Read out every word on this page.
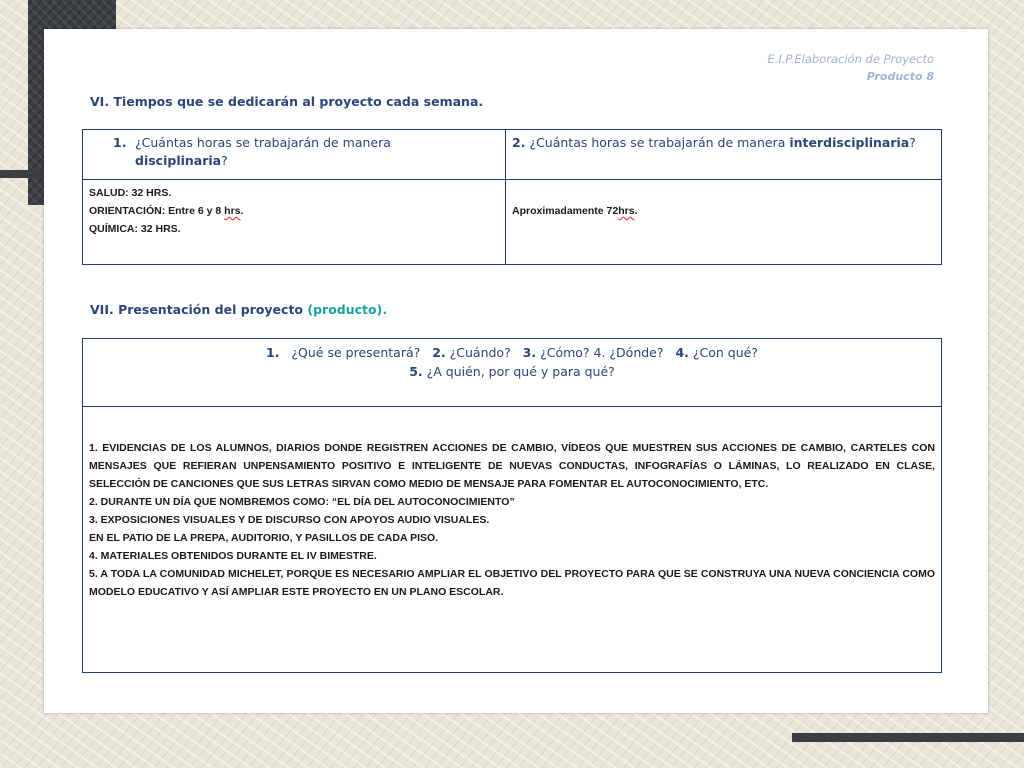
E.I.P.Elaboración de Proyecto
Producto 8
VI. Tiempos que se dedicarán al proyecto cada semana.
1. ¿Cuántas horas se trabajarán de manera
disciplinaria?	2. ¿Cuántas horas se trabajarán de manera interdisciplinaria?

SALUD: 32 HRS.
ORIENTACIÓN: Entre 6 y 8 hrs.
QUÍMICA: 32 HRS.	Aproximadamente 72hrs.
VII. Presentación del proyecto (producto).
1. ¿Qué se presentará? 2. ¿Cuándo? 3. ¿Cómo? 4. ¿Dónde? 4. ¿Con qué?
5. ¿A quién, por qué y para qué?

1. EVIDENCIAS DE LOS ALUMNOS, DIARIOS DONDE REGISTREN ACCIONES DE CAMBIO, VÍDEOS QUE MUESTREN SUS ACCIONES DE CAMBIO, CARTELES CON MENSAJES QUE REFIERAN UNPENSAMIENTO POSITIVO E INTELIGENTE DE NUEVAS CONDUCTAS, INFOGRAFÍAS O LÁMINAS, LO REALIZADO EN CLASE, SELECCIÓN DE CANCIONES QUE SUS LETRAS SIRVAN COMO MEDIO DE MENSAJE PARA FOMENTAR EL AUTOCONOCIMIENTO, ETC.

2. DURANTE UN DÍA QUE NOMBREMOS COMO: “EL DÍA DEL AUTOCONOCIMIENTO”

3. EXPOSICIONES VISUALES Y DE DISCURSO CON APOYOS AUDIO VISUALES.

EN EL PATIO DE LA PREPA, AUDITORIO, Y PASILLOS DE CADA PISO.

4. MATERIALES OBTENIDOS DURANTE EL IV BIMESTRE.

5. A TODA LA COMUNIDAD MICHELET, PORQUE ES NECESARIO AMPLIAR EL OBJETIVO DEL PROYECTO PARA QUE SE CONSTRUYA UNA NUEVA CONCIENCIA COMO MODELO EDUCATIVO Y ASÍ AMPLIAR ESTE PROYECTO EN UN PLANO ESCOLAR.
